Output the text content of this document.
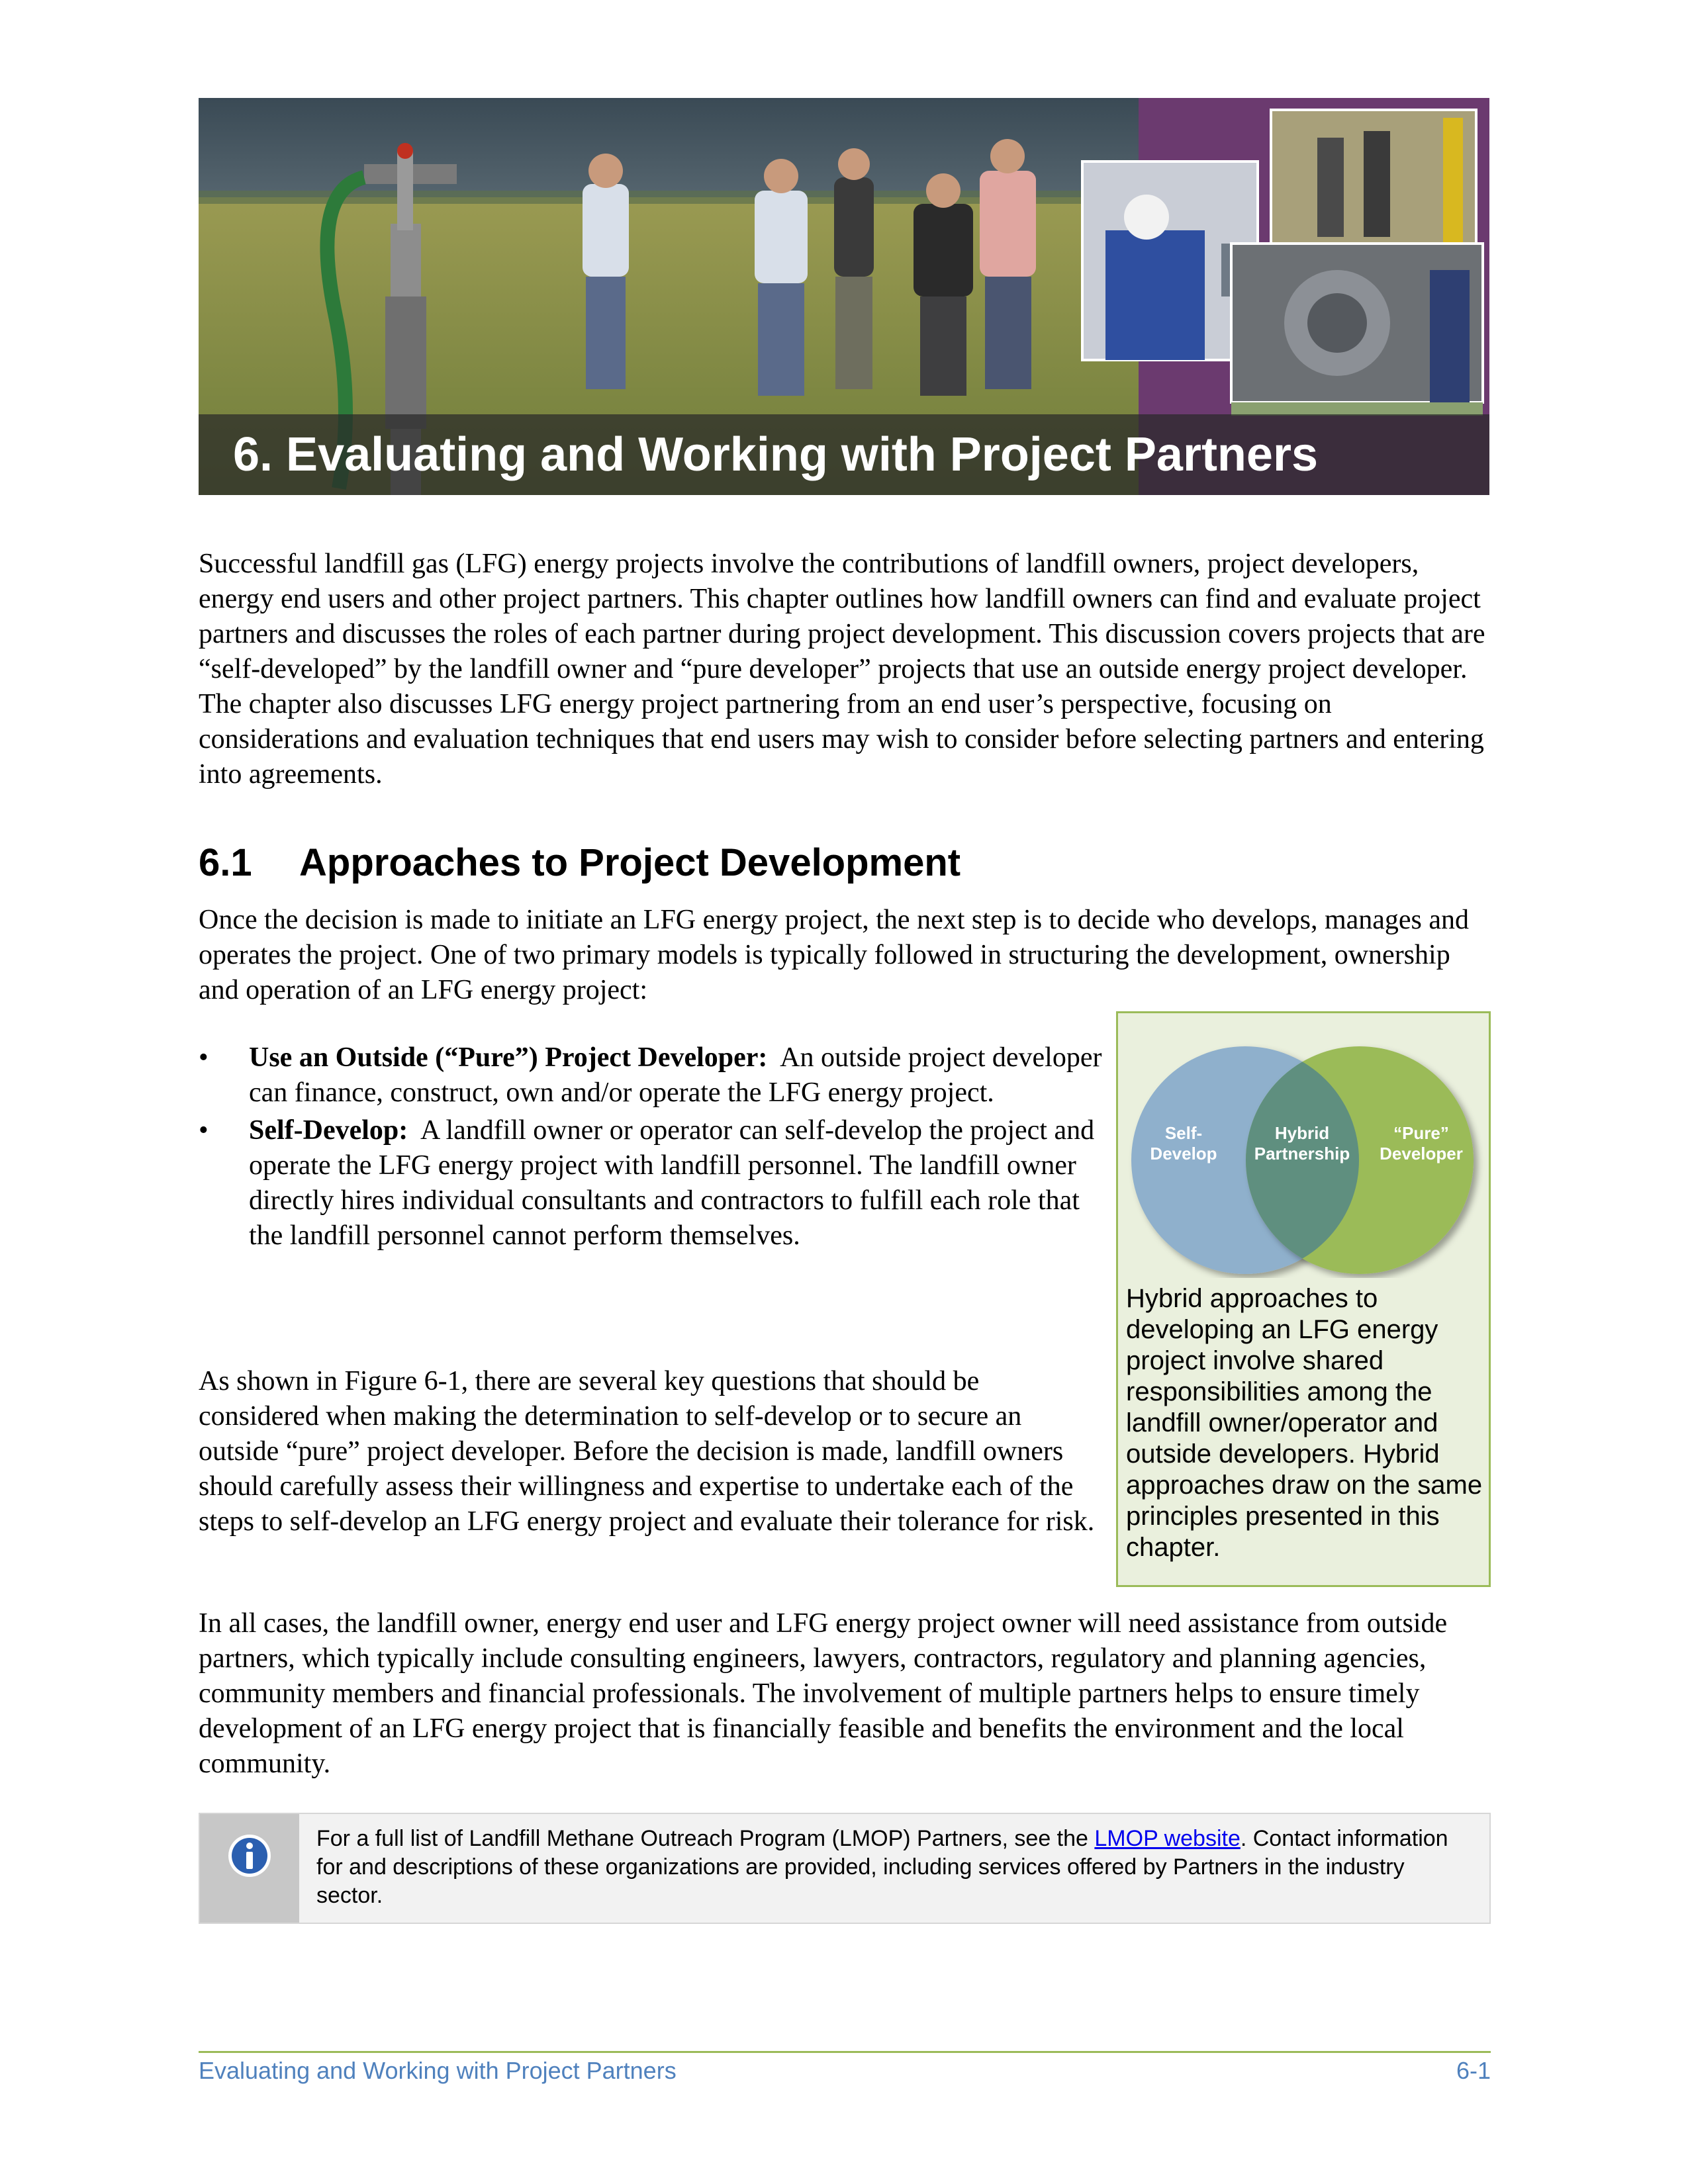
6. Evaluating and Working with Project Partners

Successful landfill gas (LFG) energy projects involve the contributions of landfill owners, project developers, energy end users and other project partners. This chapter outlines how landfill owners can find and evaluate project partners and discusses the roles of each partner during project development. This discussion covers projects that are “self-developed” by the landfill owner and “pure developer” projects that use an outside energy project developer. The chapter also discusses LFG energy project partnering from an end user’s perspective, focusing on considerations and evaluation techniques that end users may wish to consider before selecting partners and entering into agreements.

6.1 Approaches to Project Development

Once the decision is made to initiate an LFG energy project, the next step is to decide who develops, manages and operates the project. One of two primary models is typically followed in structuring the development, ownership and operation of an LFG energy project:

• Use an Outside (“Pure”) Project Developer: An outside project developer can finance, construct, own and/or operate the LFG energy project.
• Self-Develop: A landfill owner or operator can self-develop the project and operate the LFG energy project with landfill personnel. The landfill owner directly hires individual consultants and contractors to fulfill each role that the landfill personnel cannot perform themselves.

As shown in Figure 6-1, there are several key questions that should be considered when making the determination to self-develop or to secure an outside “pure” project developer. Before the decision is made, landfill owners should carefully assess their willingness and expertise to undertake each of the steps to self-develop an LFG energy project and evaluate their tolerance for risk.

Self-
Develop
Hybrid
Partnership
“Pure”
Developer

Hybrid approaches to developing an LFG energy project involve shared responsibilities among the landfill owner/operator and outside developers. Hybrid approaches draw on the same principles presented in this chapter.

In all cases, the landfill owner, energy end user and LFG energy project owner will need assistance from outside partners, which typically include consulting engineers, lawyers, contractors, regulatory and planning agencies, community members and financial professionals. The involvement of multiple partners helps to ensure timely development of an LFG energy project that is financially feasible and benefits the environment and the local community.

For a full list of Landfill Methane Outreach Program (LMOP) Partners, see the LMOP website. Contact information for and descriptions of these organizations are provided, including services offered by Partners in the industry sector.

Evaluating and Working with Project Partners	6-1
